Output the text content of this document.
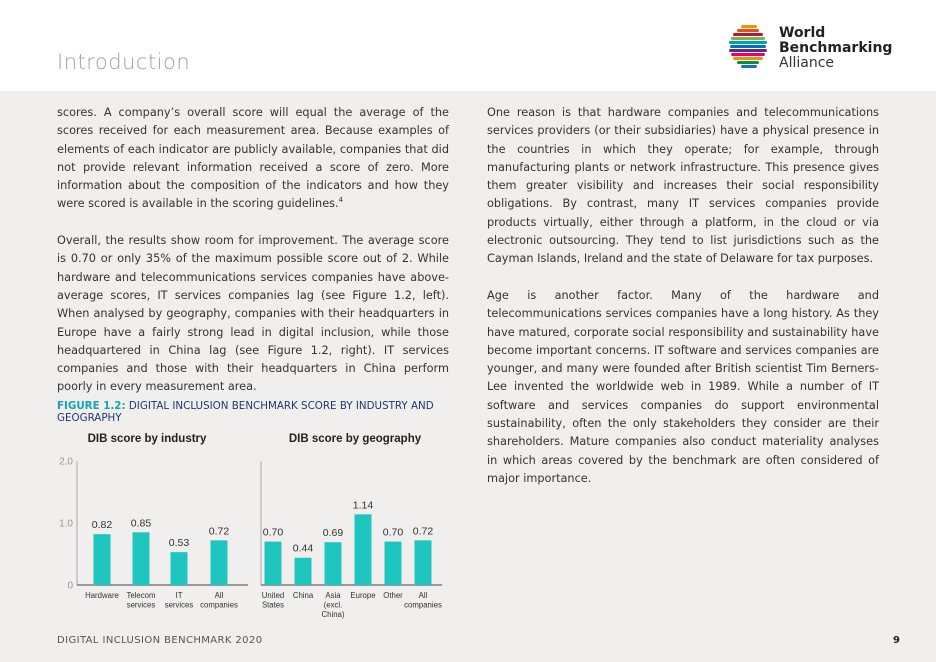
Introduction
World
Benchmarking
Alliance

scores. A company’s overall score will equal the average of the scores received for each measurement area. Because examples of elements of each indicator are publicly available, companies that did not provide relevant information received a score of zero. More information about the composition of the indicators and how they were scored is available in the scoring guidelines.$^4$

Overall, the results show room for improvement. The average score is 0.70 or only 35% of the maximum possible score out of 2. While hardware and telecommunications services companies have above-average scores, IT services companies lag (see Figure 1.2, left). When analysed by geography, companies with their headquarters in Europe have a fairly strong lead in digital inclusion, while those headquartered in China lag (see Figure 1.2, right). IT services companies and those with their headquarters in China perform poorly in every measurement area.

FIGURE 1.2: DIGITAL INCLUSION BENCHMARK SCORE BY INDUSTRY AND GEOGRAPHY
DIB score by industry
0
1.0
2.0
0.82
Hardware
0.85
Telecom
services
0.53
IT
services
0.72
All
companies
DIB score by geography
0.70
United
States
0.44
China
0.69
Asia
(excl.
China)
1.14
Europe
0.70
Other
0.72
All
companies

One reason is that hardware companies and telecommunications services providers (or their subsidiaries) have a physical presence in the countries in which they operate; for example, through manufacturing plants or network infrastructure. This presence gives them greater visibility and increases their social responsibility obligations. By contrast, many IT services companies provide products virtually, either through a platform, in the cloud or via electronic outsourcing. They tend to list jurisdictions such as the Cayman Islands, Ireland and the state of Delaware for tax purposes.

Age is another factor. Many of the hardware and telecommunications services companies have a long history. As they have matured, corporate social responsibility and sustainability have become important concerns. IT software and services companies are younger, and many were founded after British scientist Tim Berners-Lee invented the worldwide web in 1989. While a number of IT software and services companies do support environmental sustainability, often the only stakeholders they consider are their shareholders. Mature companies also conduct materiality analyses in which areas covered by the benchmark are often considered of major importance.

DIGITAL INCLUSION BENCHMARK 2020	9
